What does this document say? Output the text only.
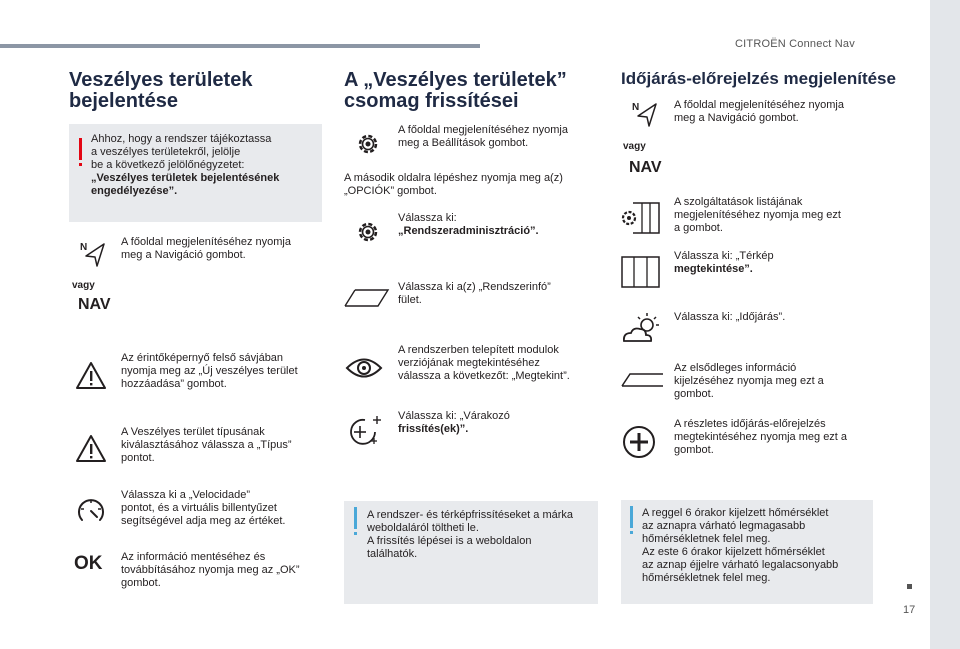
CITROËN Connect Nav
17
Veszélyes területek
bejelentése
Ahhoz, hogy a rendszer tájékoztassa
a veszélyes területekről, jelölje
be a következő jelölőnégyzetet:
„Veszélyes területek bejelentésének
engedélyezése”.
N
vagy
NAV
A főoldal megjelenítéséhez nyomja
meg a Navigáció gombot.
Az érintőképernyő felső sávjában
nyomja meg az „Új veszélyes terület
hozzáadása” gombot.
A Veszélyes terület típusának
kiválasztásához válassza a „Típus”
pontot.
Válassza ki a „Velocidade”
pontot, és a virtuális billentyűzet
segítségével adja meg az értéket.
OK Az információ mentéséhez és
továbbításához nyomja meg az „OK”
gombot.
A „Veszélyes területek”
csomag frissítései
A főoldal megjelenítéséhez nyomja
meg a Beállítások gombot.
A második oldalra lépéshez nyomja meg a(z)
„OPCIÓK” gombot.
Válassza ki:
„Rendszeradminisztráció”.
Válassza ki a(z) „Rendszerinfó”
fület.
A rendszerben telepített modulok
verziójának megtekintéséhez
válassza a következőt: „Megtekint”.
Válassza ki: „Várakozó
frissítés(ek)”.
A rendszer- és térképfrissítéseket a márka
weboldaláról töltheti le.
A frissítés lépései is a weboldalon
találhatók.
Időjárás-előrejelzés megjelenítése
N
vagy
NAV
A főoldal megjelenítéséhez nyomja
meg a Navigáció gombot.
A szolgáltatások listájának
megjelenítéséhez nyomja meg ezt
a gombot.
Válassza ki: „Térkép
megtekintése”.
Válassza ki: „Időjárás”.
Az elsődleges információ
kijelzéséhez nyomja meg ezt a
gombot.
A részletes időjárás-előrejelzés
megtekintéséhez nyomja meg ezt a
gombot.
A reggel 6 órakor kijelzett hőmérséklet
az aznapra várható legmagasabb
hőmérsékletnek felel meg.
Az este 6 órakor kijelzett hőmérséklet
az aznap éjjelre várható legalacsonyabb
hőmérsékletnek felel meg.
